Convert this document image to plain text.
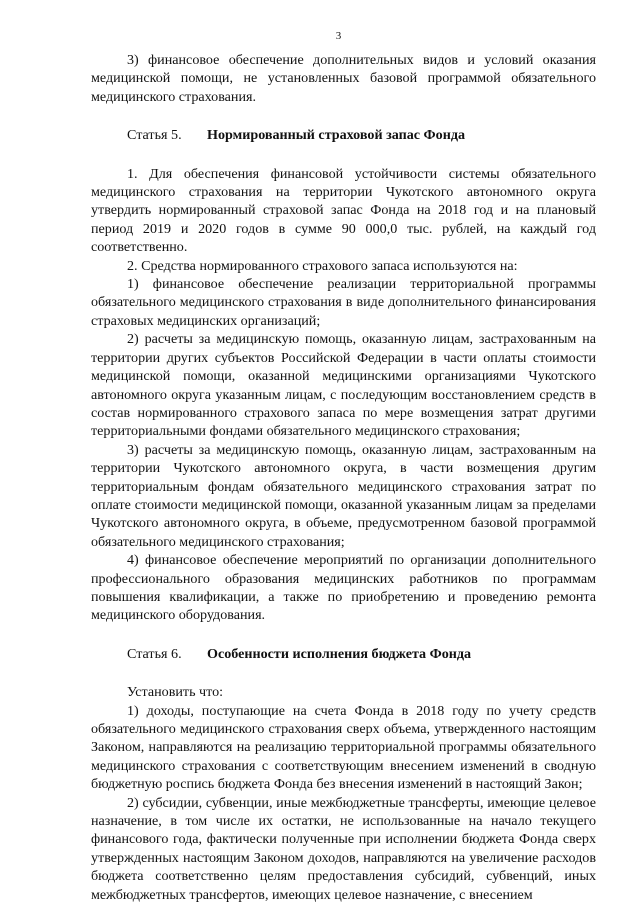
3

3) финансовое обеспечение дополнительных видов и условий оказания медицинской помощи, не установленных базовой программой обязательного медицинского страхования.

Статья 5. Нормированный страховой запас Фонда

1. Для обеспечения финансовой устойчивости системы обязательного медицинского страхования на территории Чукотского автономного округа утвердить нормированный страховой запас Фонда на 2018 год и на плановый период 2019 и 2020 годов в сумме 90 000,0 тыс. рублей, на каждый год соответственно.

2. Средства нормированного страхового запаса используются на:

1) финансовое обеспечение реализации территориальной программы обязательного медицинского страхования в виде дополнительного финансирования страховых медицинских организаций;

2) расчеты за медицинскую помощь, оказанную лицам, застрахованным на территории других субъектов Российской Федерации в части оплаты стоимости медицинской помощи, оказанной медицинскими организациями Чукотского автономного округа указанным лицам, с последующим восстановлением средств в состав нормированного страхового запаса по мере возмещения затрат другими территориальными фондами обязательного медицинского страхования;

3) расчеты за медицинскую помощь, оказанную лицам, застрахованным на территории Чукотского автономного округа, в части возмещения другим территориальным фондам обязательного медицинского страхования затрат по оплате стоимости медицинской помощи, оказанной указанным лицам за пределами Чукотского автономного округа, в объеме, предусмотренном базовой программой обязательного медицинского страхования;

4) финансовое обеспечение мероприятий по организации дополнительного профессионального образования медицинских работников по программам повышения квалификации, а также по приобретению и проведению ремонта медицинского оборудования.

Статья 6. Особенности исполнения бюджета Фонда

Установить что:

1) доходы, поступающие на счета Фонда в 2018 году по учету средств обязательного медицинского страхования сверх объема, утвержденного настоящим Законом, направляются на реализацию территориальной программы обязательного медицинского страхования с соответствующим внесением изменений в сводную бюджетную роспись бюджета Фонда без внесения изменений в настоящий Закон;

2) субсидии, субвенции, иные межбюджетные трансферты, имеющие целевое назначение, в том числе их остатки, не использованные на начало текущего финансового года, фактически полученные при исполнении бюджета Фонда сверх утвержденных настоящим Законом доходов, направляются на увеличение расходов бюджета соответственно целям предоставления субсидий, субвенций, иных межбюджетных трансфертов, имеющих целевое назначение, с внесением
